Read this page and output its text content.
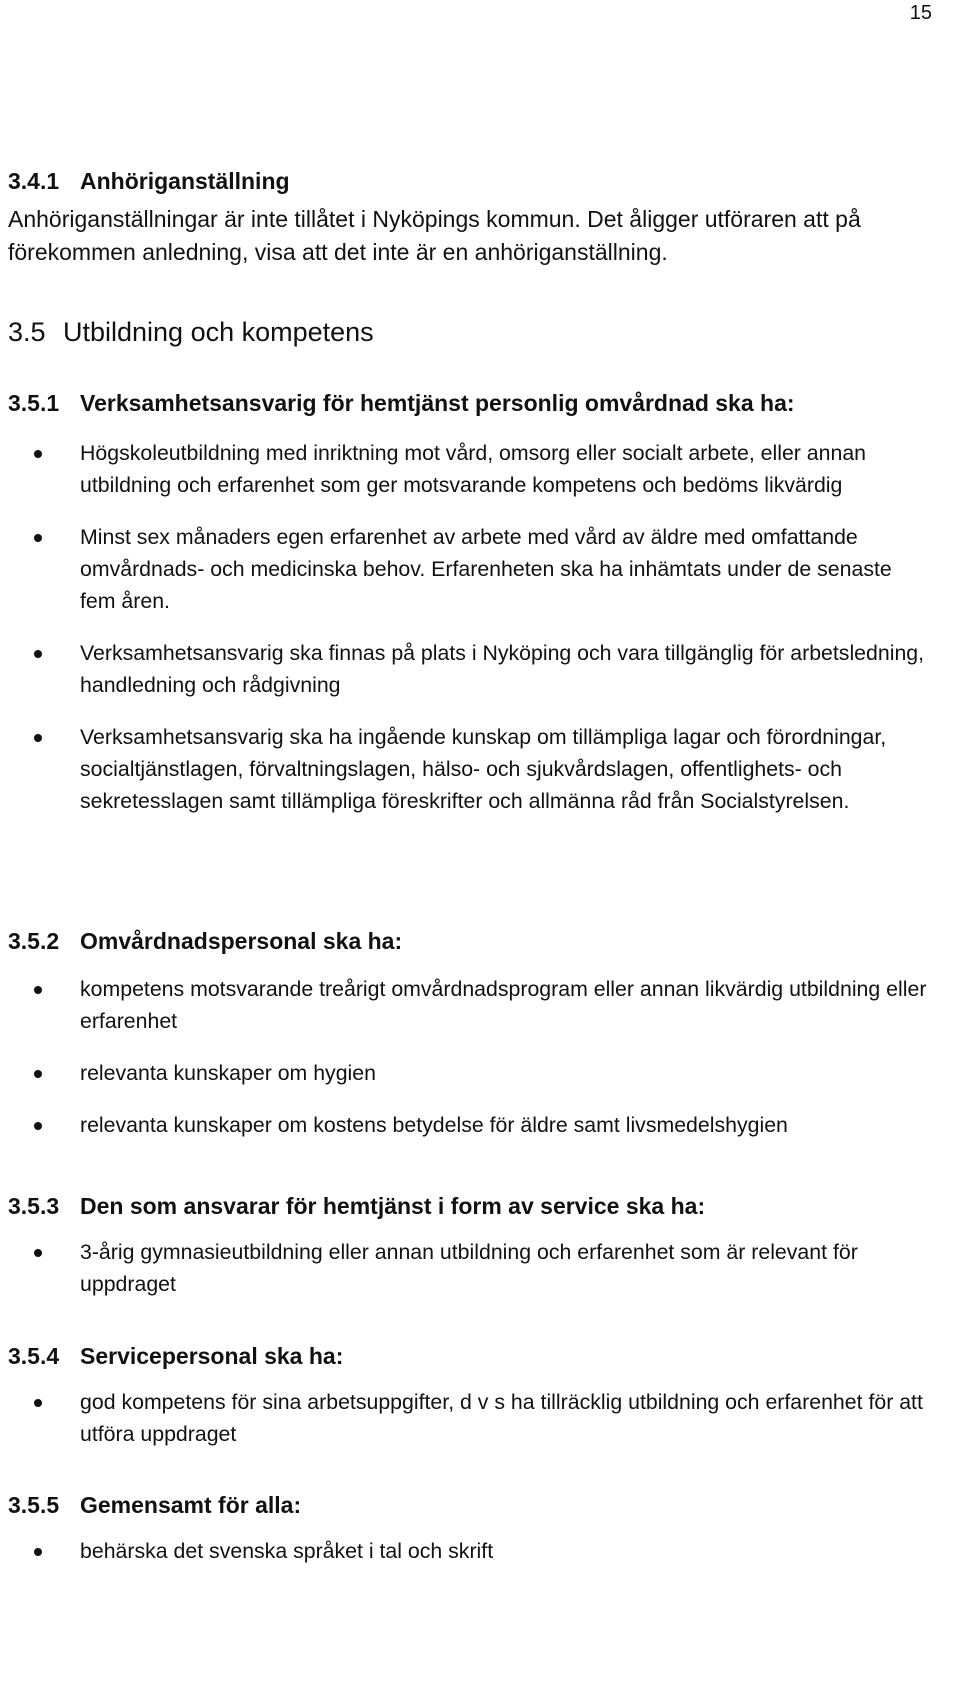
15
3.4.1 Anhöriganställning
Anhöriganställningar är inte tillåtet i Nyköpings kommun. Det åligger utföraren att på
förekommen anledning, visa att det inte är en anhöriganställning.
3.5 Utbildning och kompetens
3.5.1 Verksamhetsansvarig för hemtjänst personlig omvårdnad ska ha:
Högskoleutbildning med inriktning mot vård, omsorg eller socialt arbete, eller annan utbildning och erfarenhet som ger motsvarande kompetens och bedöms likvärdig
Minst sex månaders egen erfarenhet av arbete med vård av äldre med omfattande omvårdnads- och medicinska behov. Erfarenheten ska ha inhämtats under de senaste fem åren.
Verksamhetsansvarig ska finnas på plats i Nyköping och vara tillgänglig för arbetsledning, handledning och rådgivning
Verksamhetsansvarig ska ha ingående kunskap om tillämpliga lagar och förordningar, socialtjänstlagen, förvaltningslagen, hälso- och sjukvårdslagen, offentlighets- och sekretesslagen samt tillämpliga föreskrifter och allmänna råd från Socialstyrelsen.
3.5.2 Omvårdnadspersonal ska ha:
kompetens motsvarande treårigt omvårdnadsprogram eller annan likvärdig utbildning eller erfarenhet
relevanta kunskaper om hygien
relevanta kunskaper om kostens betydelse för äldre samt livsmedelshygien
3.5.3 Den som ansvarar för hemtjänst i form av service ska ha:
3-årig gymnasieutbildning eller annan utbildning och erfarenhet som är relevant för uppdraget
3.5.4 Servicepersonal ska ha:
god kompetens för sina arbetsuppgifter, d v s ha tillräcklig utbildning och erfarenhet för att utföra uppdraget
3.5.5 Gemensamt för alla:
behärska det svenska språket i tal och skrift
